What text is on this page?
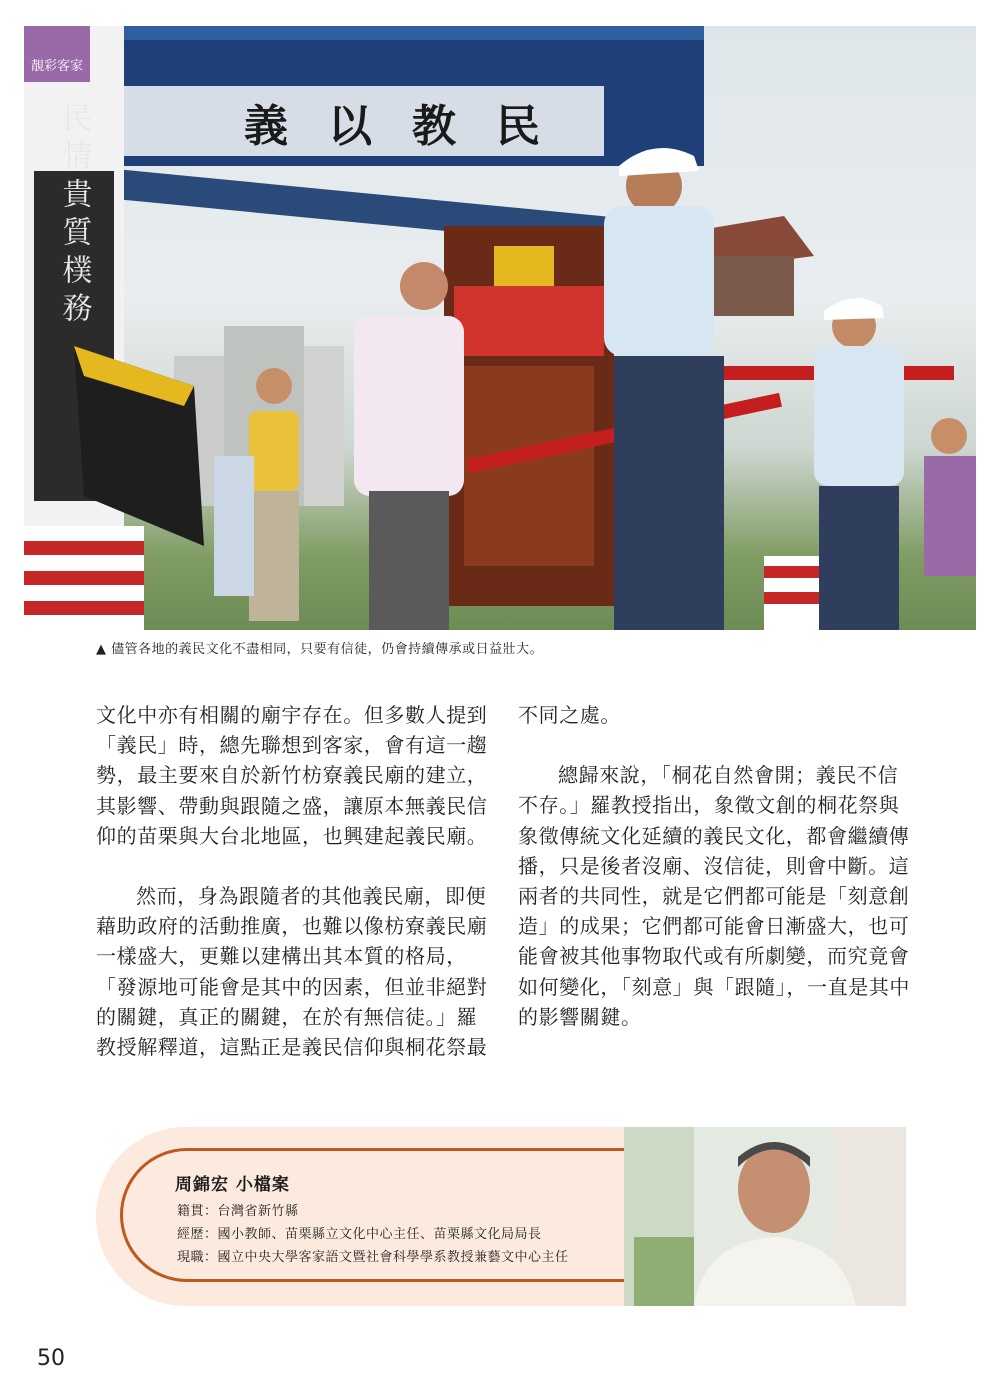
靚彩客家
義以教民
民情貴質樸務
▲ 儘管各地的義民文化不盡相同，只要有信徒，仍會持續傳承或日益壯大。

文化中亦有相關的廟宇存在。但多數人提到「義民」時，總先聯想到客家，會有這一趨勢，最主要來自於新竹枋寮義民廟的建立，其影響、帶動與跟隨之盛，讓原本無義民信仰的苗栗與大台北地區，也興建起義民廟。

然而，身為跟隨者的其他義民廟，即便藉助政府的活動推廣，也難以像枋寮義民廟一樣盛大，更難以建構出其本質的格局，「發源地可能會是其中的因素，但並非絕對的關鍵，真正的關鍵，在於有無信徒。」羅教授解釋道，這點正是義民信仰與桐花祭最

不同之處。

總歸來說，「桐花自然會開；義民不信不存。」羅教授指出，象徵文創的桐花祭與象徵傳統文化延續的義民文化，都會繼續傳播，只是後者沒廟、沒信徒，則會中斷。這兩者的共同性，就是它們都可能是「刻意創造」的成果；它們都可能會日漸盛大，也可能會被其他事物取代或有所劇變，而究竟會如何變化，「刻意」與「跟隨」，一直是其中的影響關鍵。

周錦宏 小檔案
籍貫：台灣省新竹縣
經歷：國小教師、苗栗縣立文化中心主任、苗栗縣文化局局長
現職：國立中央大學客家語文暨社會科學學系教授兼藝文中心主任
50
